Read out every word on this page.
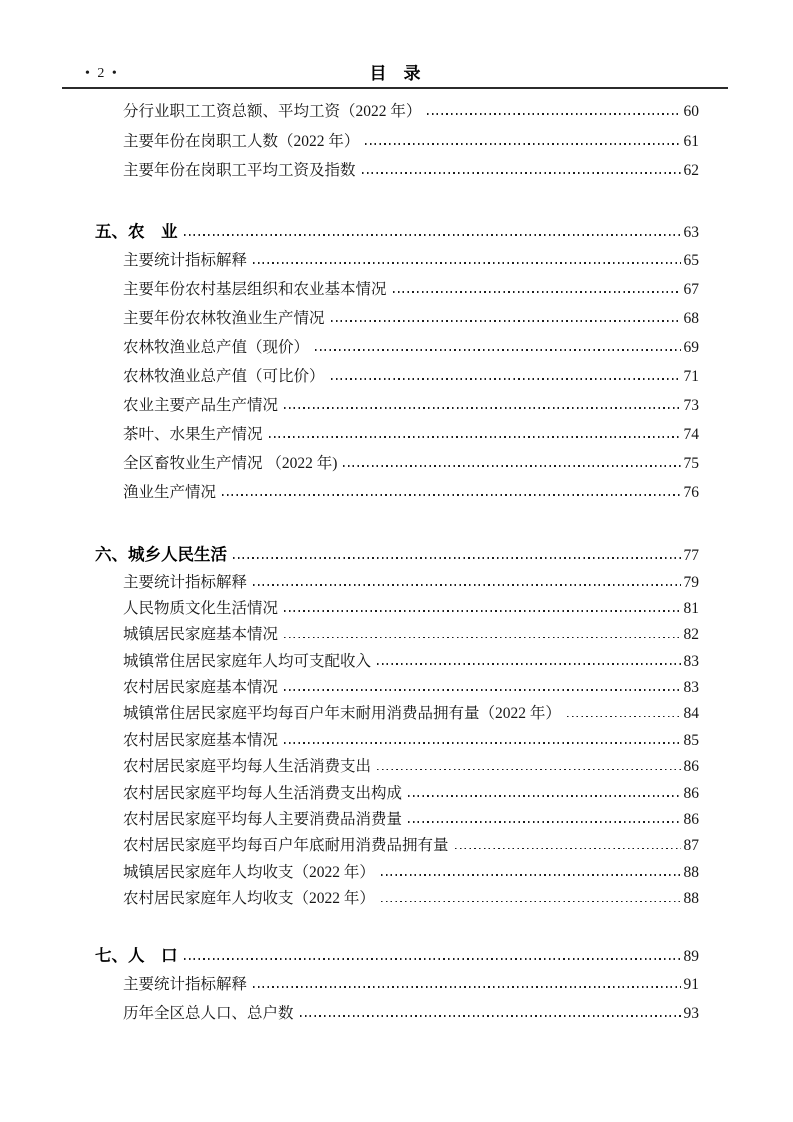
• 2 •	目　录
分行业职工工资总额、平均工资（2022 年）	60
主要年份在岗职工人数（2022 年）	61
主要年份在岗职工平均工资及指数	62
五、农　业	63
主要统计指标解释	65
主要年份农村基层组织和农业基本情况	67
主要年份农林牧渔业生产情况	68
农林牧渔业总产值（现价）	69
农林牧渔业总产值（可比价）	71
农业主要产品生产情况	73
茶叶、水果生产情况	74
全区畜牧业生产情况 （2022 年)	75
渔业生产情况	76
六、城乡人民生活	77
主要统计指标解释	79
人民物质文化生活情况	81
城镇居民家庭基本情况	82
城镇常住居民家庭年人均可支配收入	83
农村居民家庭基本情况	83
城镇常住居民家庭平均每百户年末耐用消费品拥有量（2022 年）	84
农村居民家庭基本情况	85
农村居民家庭平均每人生活消费支出	86
农村居民家庭平均每人生活消费支出构成	86
农村居民家庭平均每人主要消费品消费量	86
农村居民家庭平均每百户年底耐用消费品拥有量	87
城镇居民家庭年人均收支（2022 年）	88
农村居民家庭年人均收支（2022 年）	88
七、人　口	89
主要统计指标解释	91
历年全区总人口、总户数	93
